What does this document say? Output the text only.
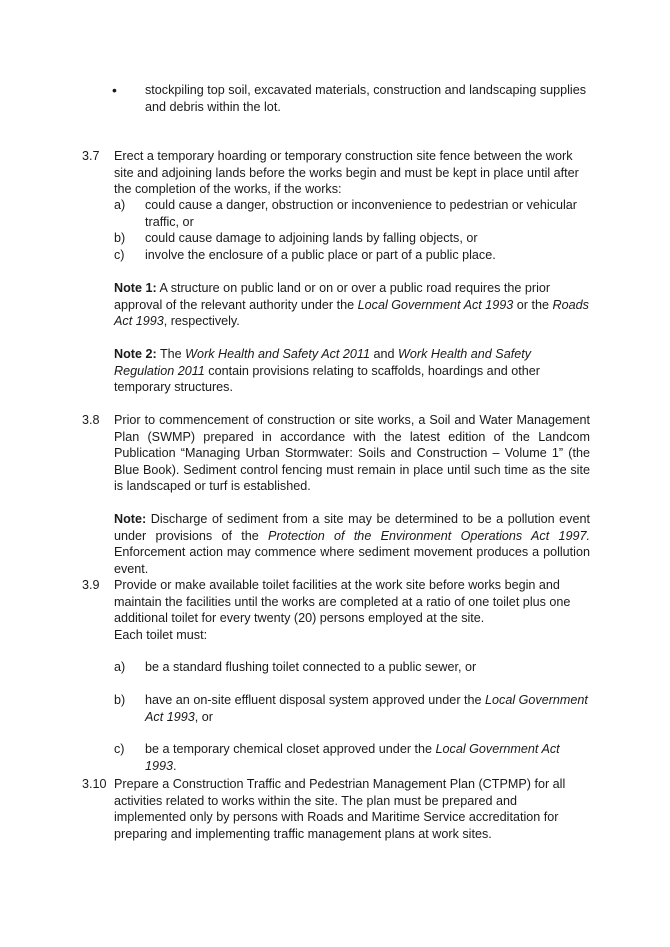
• stockpiling top soil, excavated materials, construction and landscaping supplies and debris within the lot.

3.7 Erect a temporary hoarding or temporary construction site fence between the work site and adjoining lands before the works begin and must be kept in place until after the completion of the works, if the works:

a) could cause a danger, obstruction or inconvenience to pedestrian or vehicular traffic, or

b) could cause damage to adjoining lands by falling objects, or

c) involve the enclosure of a public place or part of a public place.

Note 1: A structure on public land or on or over a public road requires the prior approval of the relevant authority under the Local Government Act 1993 or the Roads Act 1993, respectively.

Note 2: The Work Health and Safety Act 2011 and Work Health and Safety Regulation 2011 contain provisions relating to scaffolds, hoardings and other temporary structures.

3.8 Prior to commencement of construction or site works, a Soil and Water Management Plan (SWMP) prepared in accordance with the latest edition of the Landcom Publication “Managing Urban Stormwater: Soils and Construction – Volume 1” (the Blue Book). Sediment control fencing must remain in place until such time as the site is landscaped or turf is established.

Note: Discharge of sediment from a site may be determined to be a pollution event under provisions of the Protection of the Environment Operations Act 1997. Enforcement action may commence where sediment movement produces a pollution event.

3.9 Provide or make available toilet facilities at the work site before works begin and maintain the facilities until the works are completed at a ratio of one toilet plus one additional toilet for every twenty (20) persons employed at the site.

Each toilet must:

a) be a standard flushing toilet connected to a public sewer, or

b) have an on-site effluent disposal system approved under the Local Government Act 1993, or

c) be a temporary chemical closet approved under the Local Government Act 1993.

3.10 Prepare a Construction Traffic and Pedestrian Management Plan (CTPMP) for all activities related to works within the site. The plan must be prepared and implemented only by persons with Roads and Maritime Service accreditation for preparing and implementing traffic management plans at work sites.
